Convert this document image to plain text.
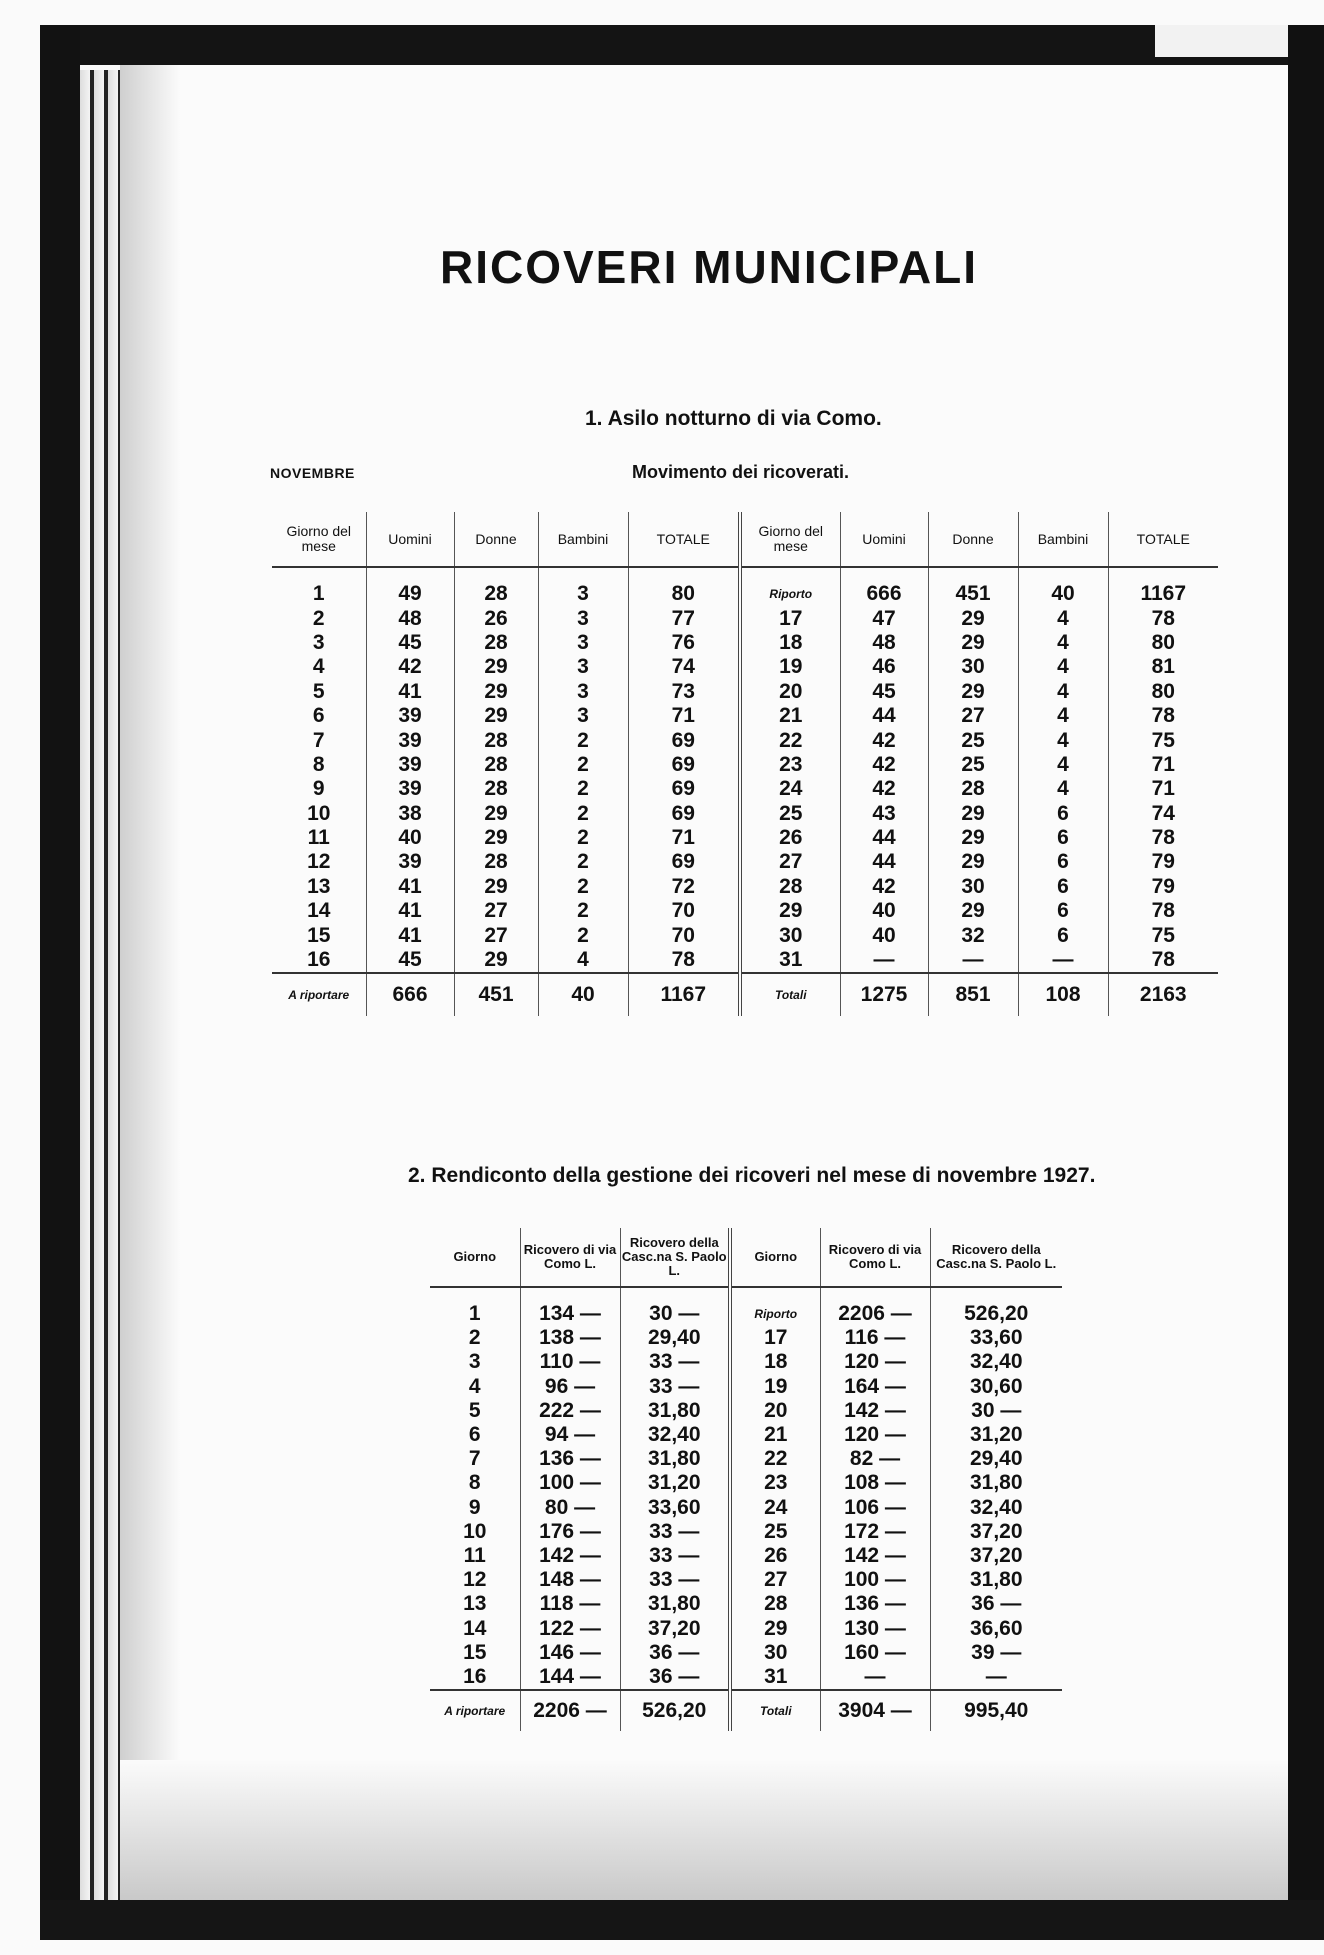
RICOVERI MUNICIPALI
1. Asilo notturno di via Como.
NOVEMBRE	Movimento dei ricoverati.
Giorno del mese	Uomini	Donne	Bambini	TOTALE	Giorno del mese	Uomini	Donne	Bambini	TOTALE

1	49	28	3	80	Riporto	666	451	40	1167
2	48	26	3	77	17	47	29	4	78
3	45	28	3	76	18	48	29	4	80
4	42	29	3	74	19	46	30	4	81
5	41	29	3	73	20	45	29	4	80
6	39	29	3	71	21	44	27	4	78
7	39	28	2	69	22	42	25	4	75
8	39	28	2	69	23	42	25	4	71
9	39	28	2	69	24	42	28	4	71
10	38	29	2	69	25	43	29	6	74
11	40	29	2	71	26	44	29	6	78
12	39	28	2	69	27	44	29	6	79
13	41	29	2	72	28	42	30	6	79
14	41	27	2	70	29	40	29	6	78
15	41	27	2	70	30	40	32	6	75
16	45	29	4	78	31	—	—	—	78
A riportare	666	451	40	1167	Totali	1275	851	108	2163
2. Rendiconto della gestione dei ricoveri nel mese di novembre 1927.
Giorno	Ricovero di via Como L.	Ricovero della Casc.na S. Paolo L.	Giorno	Ricovero di via Como L.	Ricovero della Casc.na S. Paolo L.

1	134 —	30 —	Riporto	2206 —	526,20
2	138 —	29,40	17	116 —	33,60
3	110 —	33 —	18	120 —	32,40
4	96 —	33 —	19	164 —	30,60
5	222 —	31,80	20	142 —	30 —
6	94 —	32,40	21	120 —	31,20
7	136 —	31,80	22	82 —	29,40
8	100 —	31,20	23	108 —	31,80
9	80 —	33,60	24	106 —	32,40
10	176 —	33 —	25	172 —	37,20
11	142 —	33 —	26	142 —	37,20
12	148 —	33 —	27	100 —	31,80
13	118 —	31,80	28	136 —	36 —
14	122 —	37,20	29	130 —	36,60
15	146 —	36 —	30	160 —	39 —
16	144 —	36 —	31	—	—
A riportare	2206 —	526,20	Totali	3904 —	995,40
